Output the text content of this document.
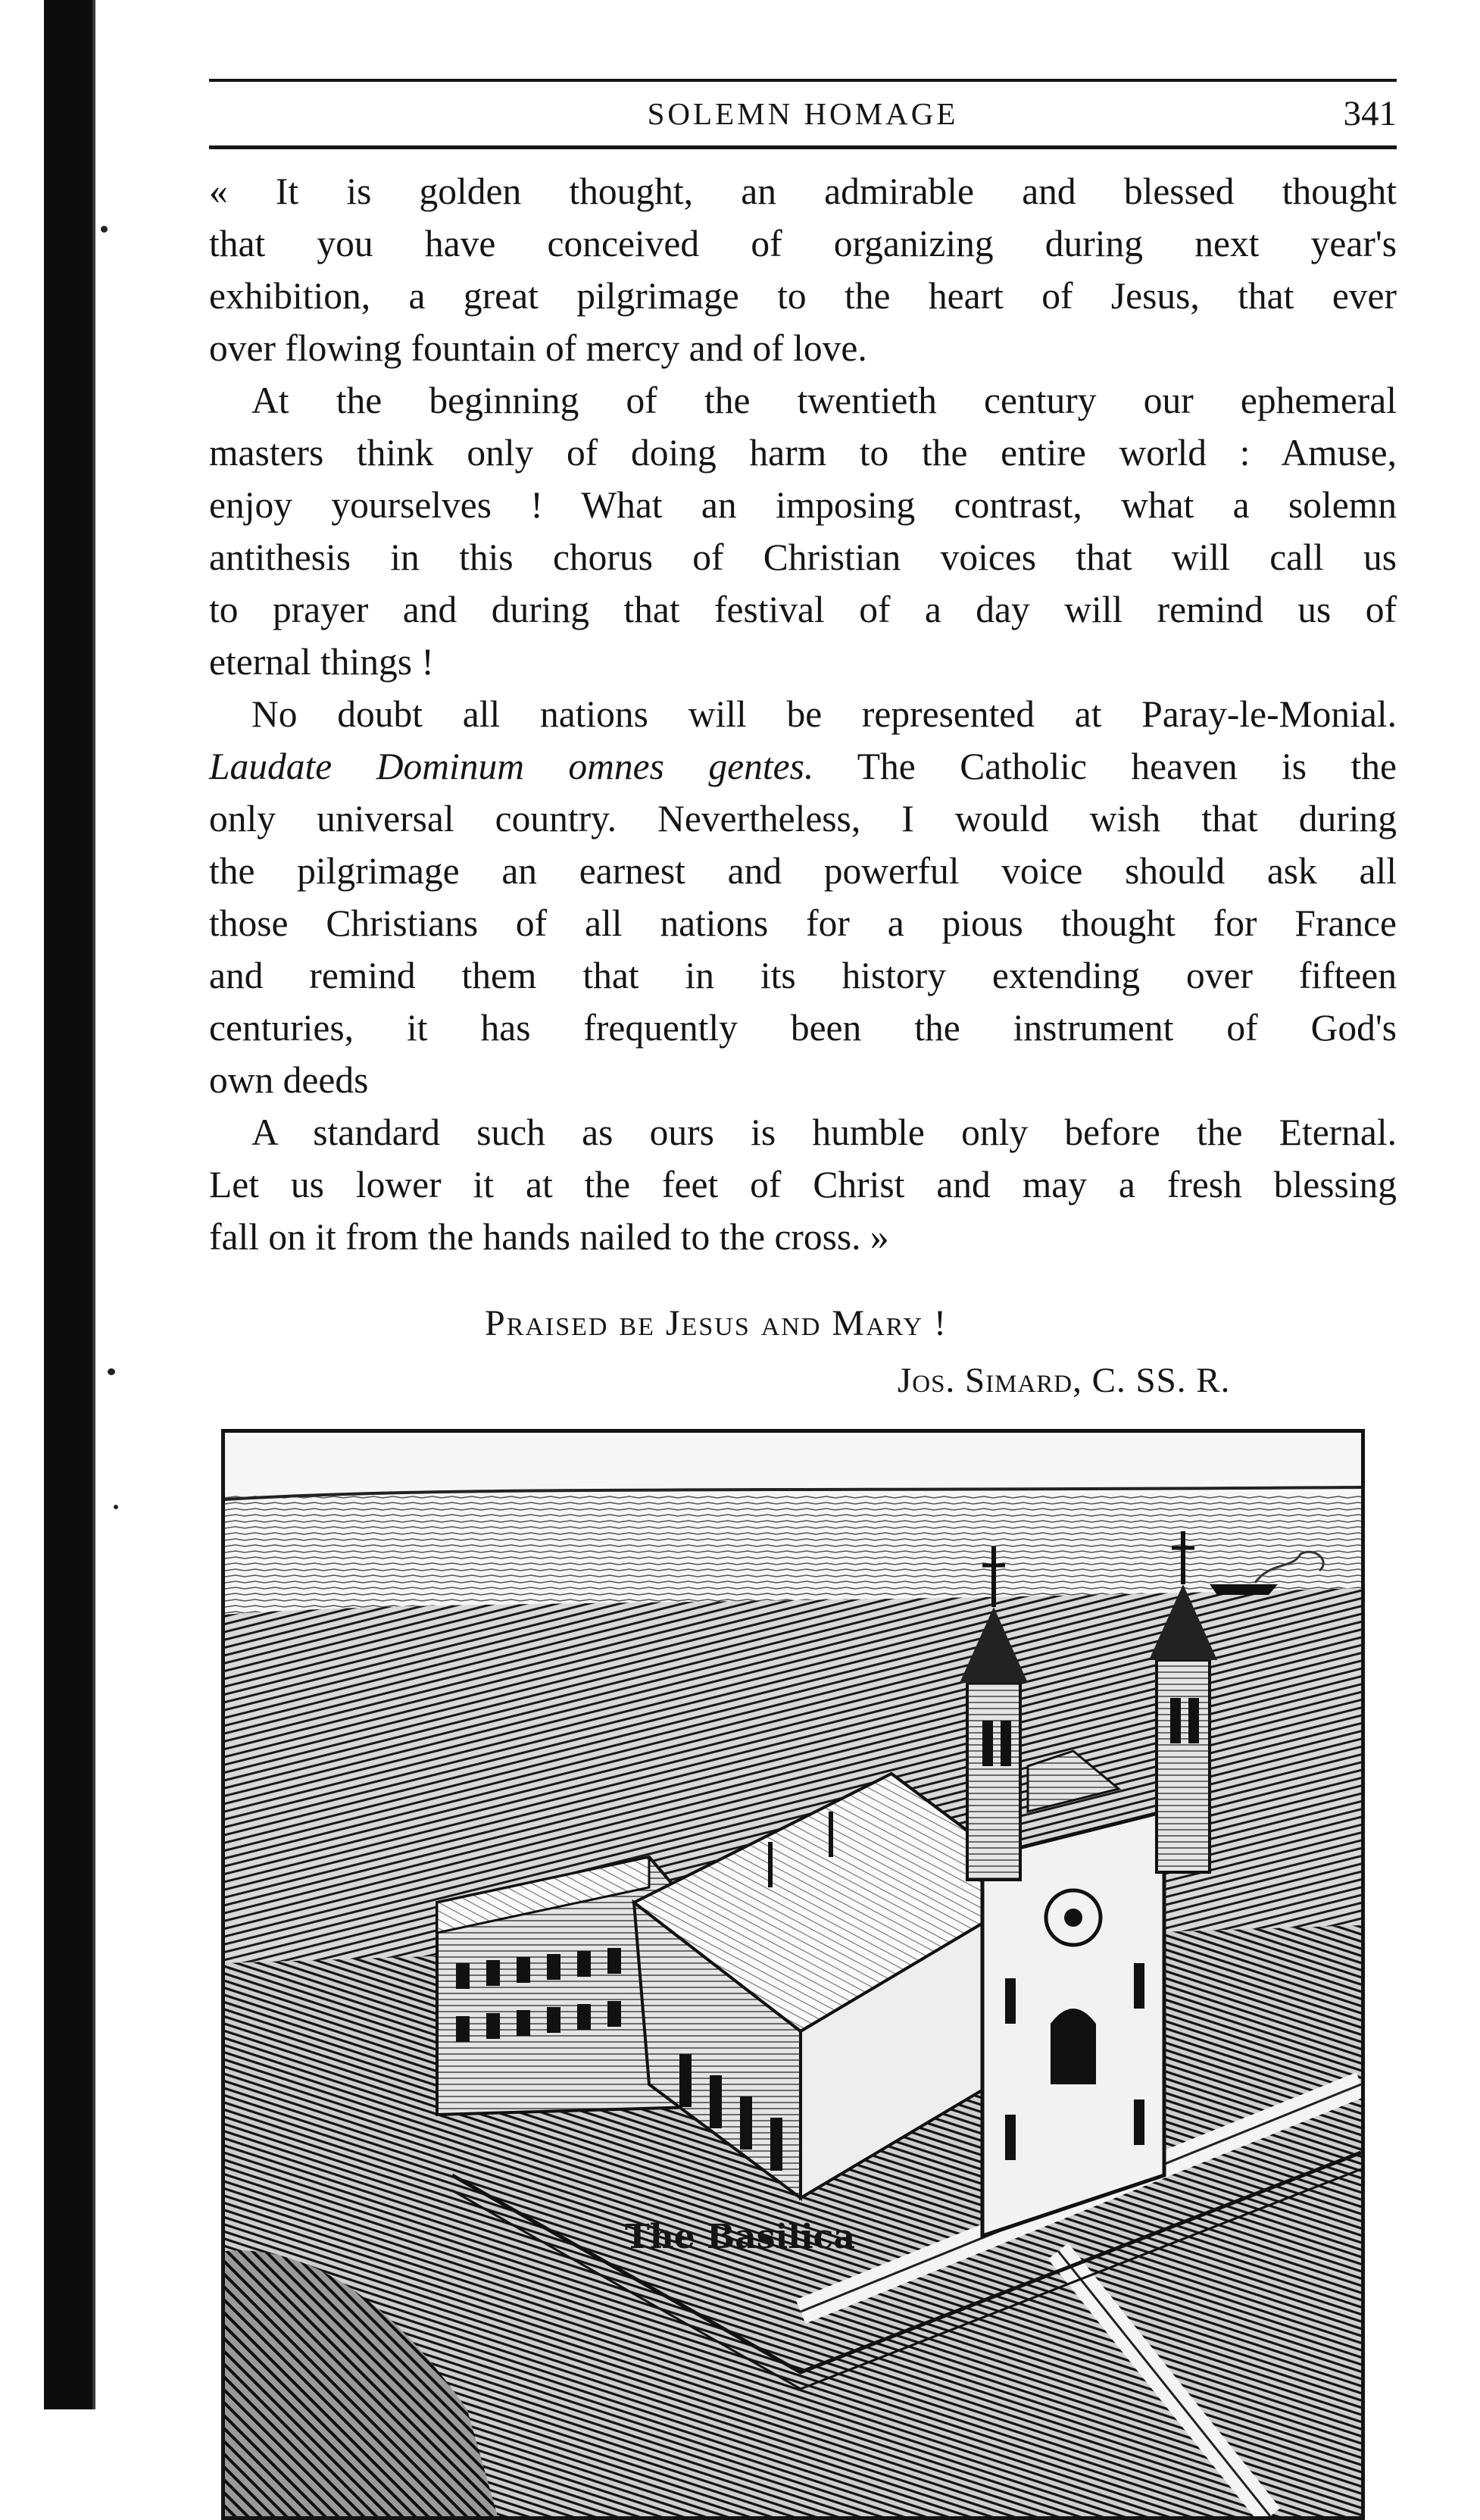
SOLEMN HOMAGE	341
« It is golden thought, an admirable and blessed thought
that you have conceived of organizing during next year's
exhibition, a great pilgrimage to the heart of Jesus, that ever
over flowing fountain of mercy and of love.
At the beginning of the twentieth century our ephemeral
masters think only of doing harm to the entire world : Amuse,
enjoy yourselves ! What an imposing contrast, what a solemn
antithesis in this chorus of Christian voices that will call us
to prayer and during that festival of a day will remind us of
eternal things !
No doubt all nations will be represented at Paray-le-Monial.
Laudate Dominum omnes gentes. The Catholic heaven is the
only universal country. Nevertheless, I would wish that during
the pilgrimage an earnest and powerful voice should ask all
those Christians of all nations for a pious thought for France
and remind them that in its history extending over fifteen
centuries, it has frequently been the instrument of God's
own deeds
A standard such as ours is humble only before the Eternal.
Let us lower it at the feet of Christ and may a fresh blessing
fall on it from the hands nailed to the cross. »
Praised be Jesus and Mary !
Jos. Simard, C. SS. R.
The Basilica
